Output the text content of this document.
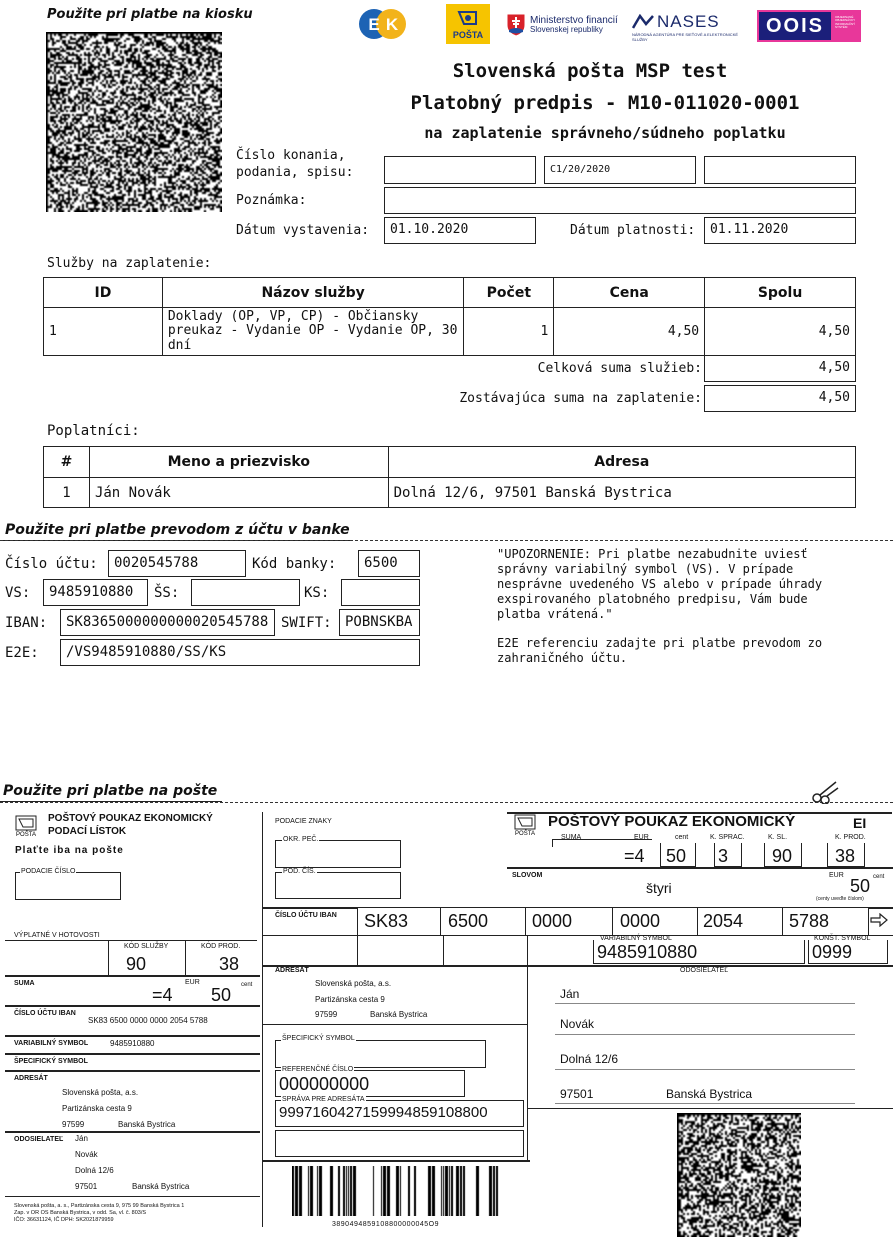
Použite pri platbe na kiosku
E K
POŠTA
Ministerstvo financií
Slovenskej republiky	NASES
NÁRODNÁ AGENTÚRA PRE SIEŤOVÉ A ELEKTRONICKÉ SLUŽBY
OOIS	OBJEDNANÉ OBJEDNÁVKY INFORMAČNÝ SYSTÉM
Slovenská pošta MSP test
Platobný predpis - M10-011020-0001
na zaplatenie správneho/súdneho poplatku
Číslo konania,
podania, spisu:	C1/20/2020
Poznámka:
Dátum vystavenia:	01.10.2020	Dátum platnosti:	01.11.2020
Služby na zaplatenie:
ID	Názov služby	Počet	Cena	Spolu
1	Doklady (OP, VP, CP) - Občiansky preukaz - Vydanie OP - Vydanie OP, 30 dní	1	4,50	4,50
Celková suma služieb:	4,50
Zostávajúca suma na zaplatenie:	4,50
Poplatníci:
#	Meno a priezvisko	Adresa
1	Ján Novák	Dolná 12/6, 97501 Banská Bystrica
Použite pri platbe prevodom z účtu v banke
Číslo účtu:	0020545788	Kód banky:	6500
VS:	9485910880	ŠS:	KS:
IBAN:	SK8365000000000020545788 SWIFT: POBNSKBA
E2E:	/VS9485910880/SS/KS
"UPOZORNENIE: Pri platbe nezabudnite uviesť správny variabilný symbol (VS). V prípade nesprávne uvedeného VS alebo v prípade úhrady exspirovaného platobného predpisu, Vám bude platba vrátená."
E2E referenciu zadajte pri platbe prevodom zo zahraničného účtu.
Použite pri platbe na pošte
POŠTA
POŠTOVÝ POUKAZ EKONOMICKÝ
PODACÍ LÍSTOK
Plaťte iba na pošte
PODACIE ČÍSLO
VÝPLATNÉ V HOTOVOSTI
KÓD SLUŽBY
90
KÓD PROD.
38
SUMA
=4
EUR
50 cent
ČÍSLO ÚČTU IBAN
SK83 6500 0000 0000 2054 5788
VARIABILNÝ SYMBOL	9485910880
ŠPECIFICKÝ SYMBOL
ADRESÁT
Slovenská pošta, a.s.
Partizánska cesta 9
97599	Banská Bystrica
ODOSIELATEĽ Ján
Novák
Dolná 12/6
97501	Banská Bystrica
Slovenská pošta, a. s., Partizánska cesta 9, 975 99 Banská Bystrica 1
Zap. v OR OS Banská Bystrica, v odd. Sa, vl. č. 803/S
IČO: 36631124, IČ DPH: SK2021879959
PODACIE ZNAKY
OKR. PEČ.
POD. ČÍS.
POŠTA
POŠTOVÝ POUKAZ EKONOMICKÝ	EI
SUMA	EUR	cent	K. SPRAC.	K. SL.	K. PROD.
=4 50 3 90 38
SLOVOM
štyri
EUR
50 cent
(centy uveďte číslom)
ČÍSLO ÚČTU IBAN SK83 6500 0000	0000 2054	5788
VARIABILNÝ SYMBOL
9485910880
KONŠT. SYMBOL
0999
ADRESÁT
Slovenská pošta, a.s.
Partizánska cesta 9
97599	Banská Bystrica
ŠPECIFICKÝ SYMBOL
REFERENČNÉ ČÍSLO
000000000
SPRÁVA PRE ADRESÁTA
9997160427159994859108800
3890494859108800000045O9
ODOSIELATEĽ
Ján
Novák
Dolná 12/6
97501	Banská Bystrica
